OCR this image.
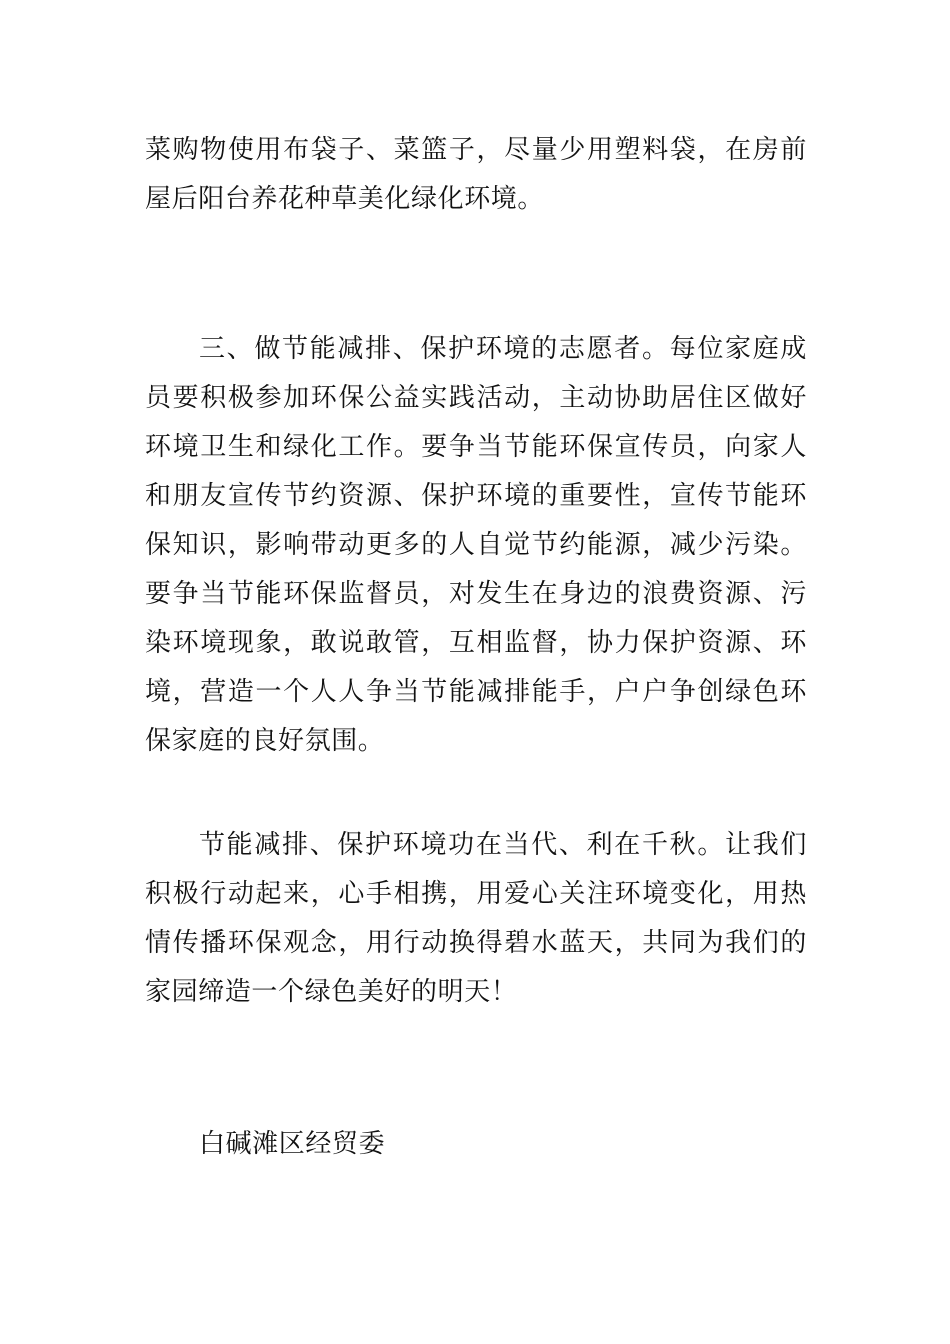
菜购物使用布袋子、菜篮子，尽量少用塑料袋，在房前屋后阳台养花种草美化绿化环境。

三、做节能减排、保护环境的志愿者。每位家庭成员要积极参加环保公益实践活动，主动协助居住区做好环境卫生和绿化工作。要争当节能环保宣传员，向家人和朋友宣传节约资源、保护环境的重要性，宣传节能环保知识，影响带动更多的人自觉节约能源，减少污染。要争当节能环保监督员，对发生在身边的浪费资源、污染环境现象，敢说敢管，互相监督，协力保护资源、环境，营造一个人人争当节能减排能手，户户争创绿色环保家庭的良好氛围。

节能减排、保护环境功在当代、利在千秋。让我们积极行动起来，心手相携，用爱心关注环境变化，用热情传播环保观念，用行动换得碧水蓝天，共同为我们的家园缔造一个绿色美好的明天！

白碱滩区经贸委
